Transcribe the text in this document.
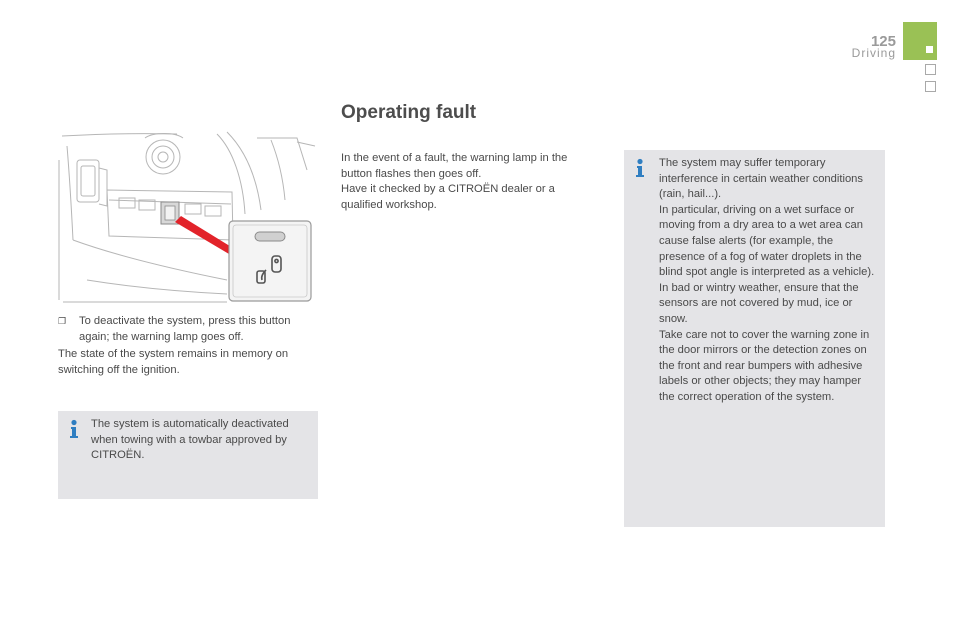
125
Driving
❐	To deactivate the system, press this button again; the warning lamp goes off.
The state of the system remains in memory on switching off the ignition.
The system is automatically deactivated when towing with a towbar approved by CITROËN.
Operating fault
In the event of a fault, the warning lamp in the button flashes then goes off.
Have it checked by a CITROËN dealer or a qualified workshop.
The system may suffer temporary interference in certain weather conditions (rain, hail...).
In particular, driving on a wet surface or moving from a dry area to a wet area can cause false alerts (for example, the presence of a fog of water droplets in the blind spot angle is interpreted as a vehicle).
In bad or wintry weather, ensure that the sensors are not covered by mud, ice or snow.
Take care not to cover the warning zone in the door mirrors or the detection zones on the front and rear bumpers with adhesive labels or other objects; they may hamper the correct operation of the system.
